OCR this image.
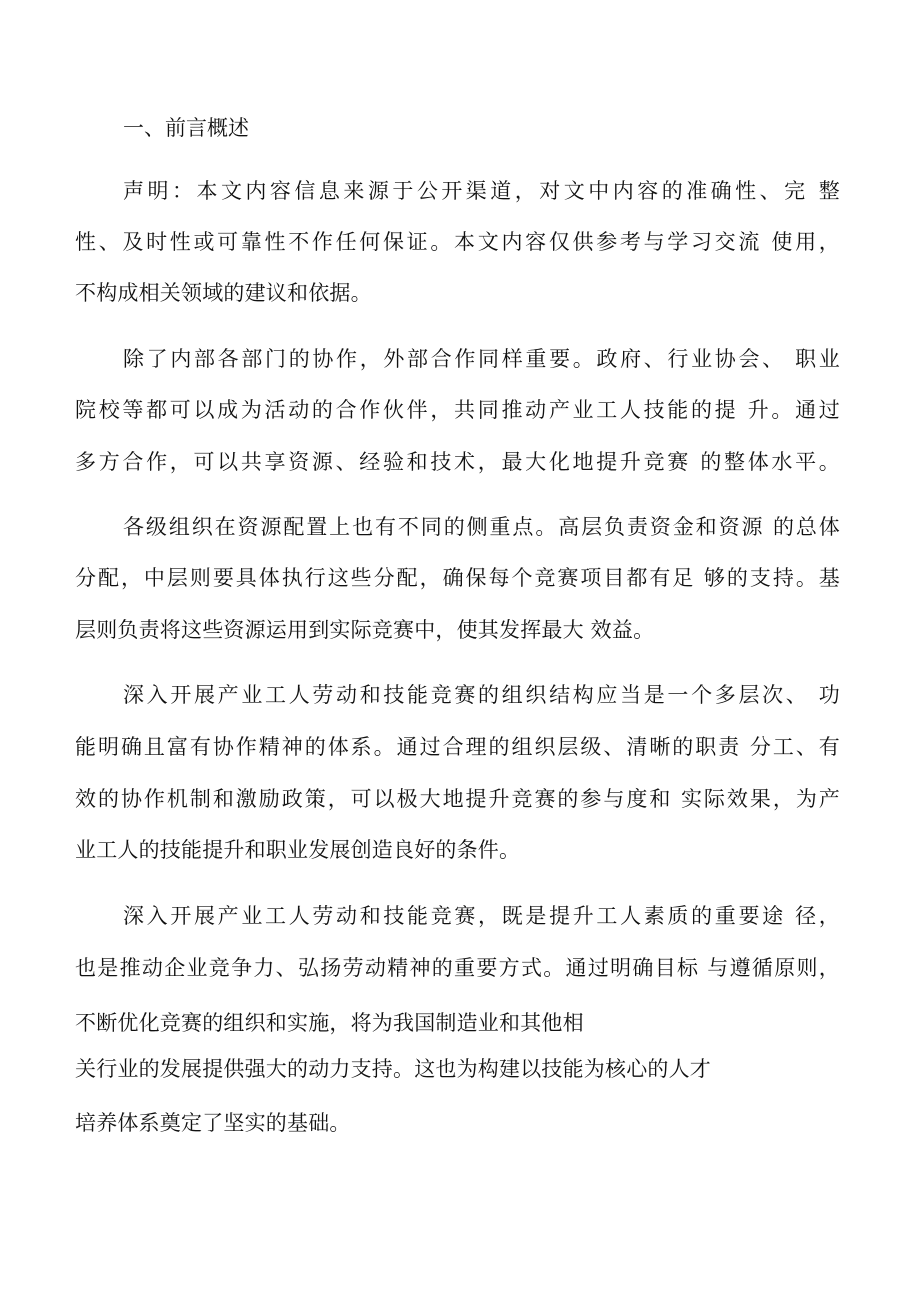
一、前言概述
声明：本文内容信息来源于公开渠道，对文中内容的准确性、完 整
性、及时性或可靠性不作任何保证。本文内容仅供参考与学习交流 使用，
不构成相关领域的建议和依据。
除了内部各部门的协作，外部合作同样重要。政府、行业协会、 职业
院校等都可以成为活动的合作伙伴，共同推动产业工人技能的提 升。通过
多方合作，可以共享资源、经验和技术，最大化地提升竞赛 的整体水平。
各级组织在资源配置上也有不同的侧重点。高层负责资金和资源 的总体
分配，中层则要具体执行这些分配，确保每个竞赛项目都有足 够的支持。基
层则负责将这些资源运用到实际竞赛中，使其发挥最大 效益。
深入开展产业工人劳动和技能竞赛的组织结构应当是一个多层次、 功
能明确且富有协作精神的体系。通过合理的组织层级、清晰的职责 分工、有
效的协作机制和激励政策，可以极大地提升竞赛的参与度和 实际效果，为产
业工人的技能提升和职业发展创造良好的条件。
深入开展产业工人劳动和技能竞赛，既是提升工人素质的重要途 径，
也是推动企业竞争力、弘扬劳动精神的重要方式。通过明确目标 与遵循原则，
不断优化竞赛的组织和实施，将为我国制造业和其他相
关行业的发展提供强大的动力支持。这也为构建以技能为核心的人才
培养体系奠定了坚实的基础。
